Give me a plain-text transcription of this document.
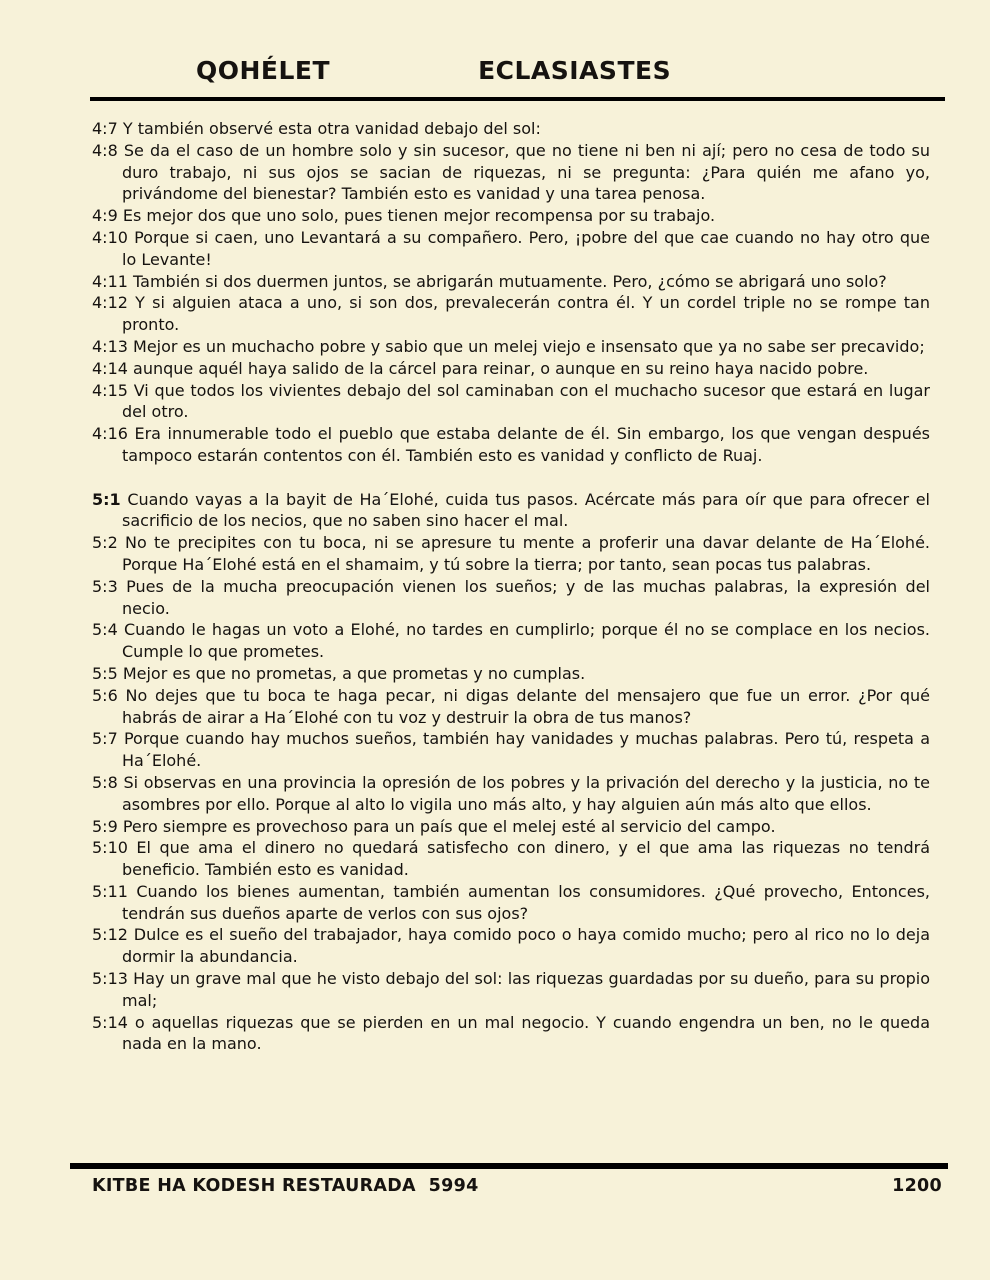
QOHÉLET	ECLASIASTES

4:7 Y también observé esta otra vanidad debajo del sol:

4:8 Se da el caso de un hombre solo y sin sucesor, que no tiene ni ben ni ají; pero no cesa de todo su duro trabajo, ni sus ojos se sacian de riquezas, ni se pregunta: ¿Para quién me afano yo, privándome del bienestar? También esto es vanidad y una tarea penosa.

4:9 Es mejor dos que uno solo, pues tienen mejor recompensa por su trabajo.

4:10 Porque si caen, uno Levantará a su compañero. Pero, ¡pobre del que cae cuando no hay otro que lo Levante!

4:11 También si dos duermen juntos, se abrigarán mutuamente. Pero, ¿cómo se abrigará uno solo?

4:12 Y si alguien ataca a uno, si son dos, prevalecerán contra él. Y un cordel triple no se rompe tan pronto.

4:13 Mejor es un muchacho pobre y sabio que un melej viejo e insensato que ya no sabe ser precavido;

4:14 aunque aquél haya salido de la cárcel para reinar, o aunque en su reino haya nacido pobre.

4:15 Vi que todos los vivientes debajo del sol caminaban con el muchacho sucesor que estará en lugar del otro.

4:16 Era innumerable todo el pueblo que estaba delante de él. Sin embargo, los que vengan después tampoco estarán contentos con él. También esto es vanidad y conflicto de Ruaj.

5:1 Cuando vayas a la bayit de Ha´Elohé, cuida tus pasos. Acércate más para oír que para ofrecer el sacrificio de los necios, que no saben sino hacer el mal.

5:2 No te precipites con tu boca, ni se apresure tu mente a proferir una davar delante de Ha´Elohé. Porque Ha´Elohé está en el shamaim, y tú sobre la tierra; por tanto, sean pocas tus palabras.

5:3 Pues de la mucha preocupación vienen los sueños; y de las muchas palabras, la expresión del necio.

5:4 Cuando le hagas un voto a Elohé, no tardes en cumplirlo; porque él no se complace en los necios. Cumple lo que prometes.

5:5 Mejor es que no prometas, a que prometas y no cumplas.

5:6 No dejes que tu boca te haga pecar, ni digas delante del mensajero que fue un error. ¿Por qué habrás de airar a Ha´Elohé con tu voz y destruir la obra de tus manos?

5:7 Porque cuando hay muchos sueños, también hay vanidades y muchas palabras. Pero tú, respeta a Ha´Elohé.

5:8 Si observas en una provincia la opresión de los pobres y la privación del derecho y la justicia, no te asombres por ello. Porque al alto lo vigila uno más alto, y hay alguien aún más alto que ellos.

5:9 Pero siempre es provechoso para un país que el melej esté al servicio del campo.

5:10 El que ama el dinero no quedará satisfecho con dinero, y el que ama las riquezas no tendrá beneficio. También esto es vanidad.

5:11 Cuando los bienes aumentan, también aumentan los consumidores. ¿Qué provecho, Entonces, tendrán sus dueños aparte de verlos con sus ojos?

5:12 Dulce es el sueño del trabajador, haya comido poco o haya comido mucho; pero al rico no lo deja dormir la abundancia.

5:13 Hay un grave mal que he visto debajo del sol: las riquezas guardadas por su dueño, para su propio mal;

5:14 o aquellas riquezas que se pierden en un mal negocio. Y cuando engendra un ben, no le queda nada en la mano.

KITBE HA KODESH RESTAURADA  5994	1200
